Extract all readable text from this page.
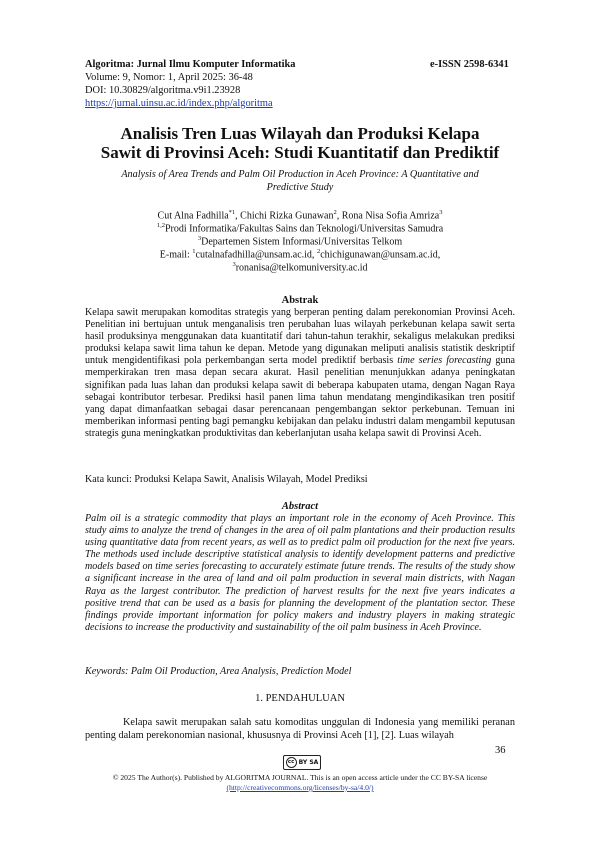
Algoritma: Jurnal Ilmu Komputer Informatika	e-ISSN 2598-6341
Volume: 9, Nomor: 1, April 2025: 36-48
DOI: 10.30829/algoritma.v9i1.23928
https://jurnal.uinsu.ac.id/index.php/algoritma
Analisis Tren Luas Wilayah dan Produksi Kelapa
Sawit di Provinsi Aceh: Studi Kuantitatif dan Prediktif
Analysis of Area Trends and Palm Oil Production in Aceh Province: A Quantitative and
Predictive Study
Cut Alna Fadhilla$^{*1}$, Chichi Rizka Gunawan$^2$, Rona Nisa Sofia Amriza$^3$
$^{1,2}$Prodi Informatika/Fakultas Sains dan Teknologi/Universitas Samudra
$^3$Departemen Sistem Informasi/Universitas Telkom
E-mail: $^1$cutalnafadhilla@unsam.ac.id, $^2$chichigunawan@unsam.ac.id,
$^3$ronanisa@telkomuniversity.ac.id
Abstrak
Kelapa sawit merupakan komoditas strategis yang berperan penting dalam perekonomian Provinsi Aceh. Penelitian ini bertujuan untuk menganalisis tren perubahan luas wilayah perkebunan kelapa sawit serta hasil produksinya menggunakan data kuantitatif dari tahun-tahun terakhir, sekaligus melakukan prediksi produksi kelapa sawit lima tahun ke depan. Metode yang digunakan meliputi analisis statistik deskriptif untuk mengidentifikasi pola perkembangan serta model prediktif berbasis time series forecasting guna memperkirakan tren masa depan secara akurat. Hasil penelitian menunjukkan adanya peningkatan signifikan pada luas lahan dan produksi kelapa sawit di beberapa kabupaten utama, dengan Nagan Raya sebagai kontributor terbesar. Prediksi hasil panen lima tahun mendatang mengindikasikan tren positif yang dapat dimanfaatkan sebagai dasar perencanaan pengembangan sektor perkebunan. Temuan ini memberikan informasi penting bagi pemangku kebijakan dan pelaku industri dalam mengambil keputusan strategis guna meningkatkan produktivitas dan keberlanjutan usaha kelapa sawit di Provinsi Aceh.
Kata kunci: Produksi Kelapa Sawit, Analisis Wilayah, Model Prediksi
Abstract
Palm oil is a strategic commodity that plays an important role in the economy of Aceh Province. This study aims to analyze the trend of changes in the area of oil palm plantations and their production results using quantitative data from recent years, as well as to predict palm oil production for the next five years. The methods used include descriptive statistical analysis to identify development patterns and predictive models based on time series forecasting to accurately estimate future trends. The results of the study show a significant increase in the area of land and oil palm production in several main districts, with Nagan Raya as the largest contributor. The prediction of harvest results for the next five years indicates a positive trend that can be used as a basis for planning the development of the plantation sector. These findings provide important information for policy makers and industry players in making strategic decisions to increase the productivity and sustainability of the oil palm business in Aceh Province.
Keywords: Palm Oil Production, Area Analysis, Prediction Model
1. PENDAHULUAN
Kelapa sawit merupakan salah satu komoditas unggulan di Indonesia yang memiliki peranan penting dalam perekonomian nasional, khususnya di Provinsi Aceh [1], [2]. Luas wilayah
36
cc BY SA
© 2025 The Author(s). Published by ALGORITMA JOURNAL. This is an open access article under the CC BY-SA license
(http://creativecommons.org/licenses/by-sa/4.0/)
